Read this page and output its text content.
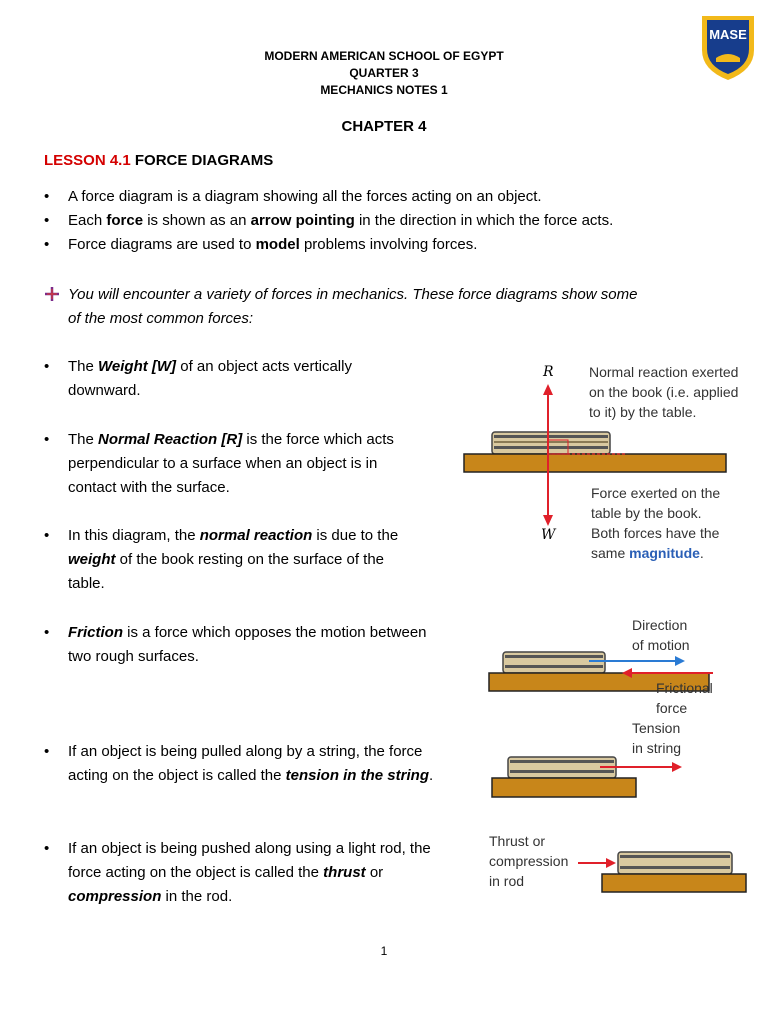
MASE
MODERN AMERICAN SCHOOL OF EGYPT
QUARTER 3
MECHANICS NOTES 1
CHAPTER 4
LESSON 4.1 FORCE DIAGRAMS
• A force diagram is a diagram showing all the forces acting on an object.
• Each force is shown as an arrow pointing in the direction in which the force acts.
• Force diagrams are used to model problems involving forces.
You will encounter a variety of forces in mechanics. These force diagrams show some
of the most common forces:
• The Weight [W] of an object acts vertically
downward.
• The Normal Reaction [R] is the force which acts
perpendicular to a surface when an object is in
contact with the surface.
• In this diagram, the normal reaction is due to the
weight of the book resting on the surface of the
table.
• Friction is a force which opposes the motion between
two rough surfaces.
• If an object is being pulled along by a string, the force
acting on the object is called the tension in the string.
• If an object is being pushed along using a light rod, the
force acting on the object is called the thrust or
compression in the rod.
R
W
Normal reaction exerted
on the book (i.e. applied
to it) by the table.
Force exerted on the
table by the book.
Both forces have the
same magnitude.
Direction
of motion
Frictional
force
Tension
in string
Thrust or
compression
in rod
1
